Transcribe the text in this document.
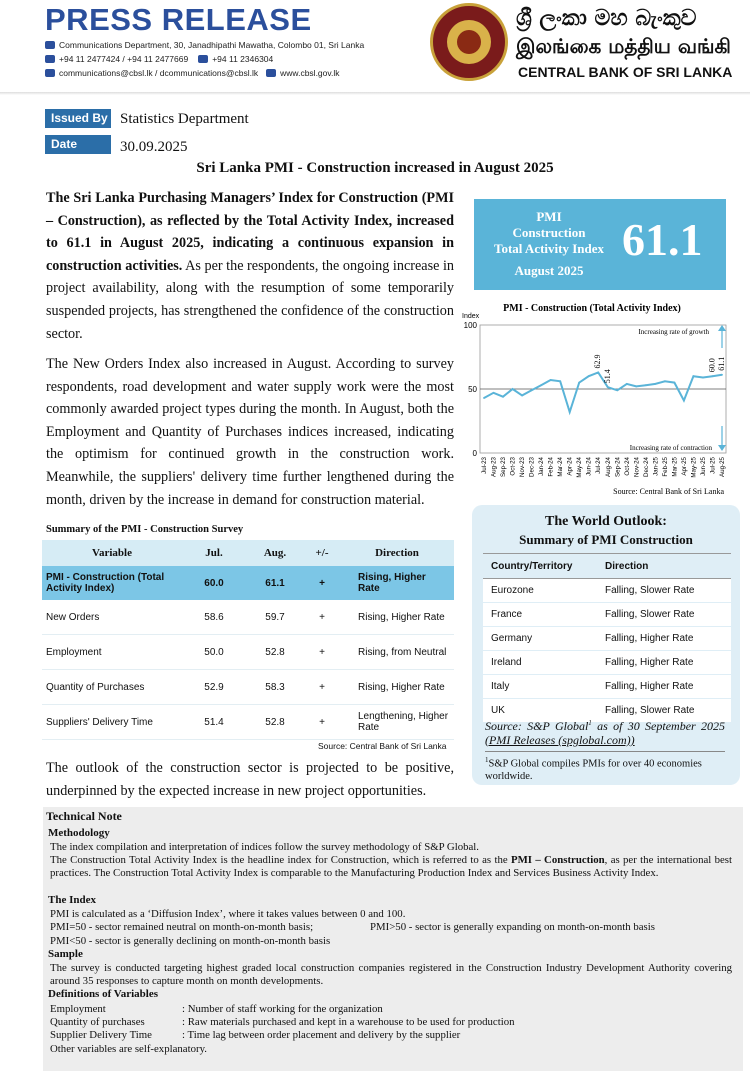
PRESS RELEASE
Communications Department, 30, Janadhipathi Mawatha, Colombo 01, Sri Lanka
+94 11 2477424 / +94 11 2477669	+94 11 2346304
communications@cbsl.lk / dcommunications@cbsl.lk	www.cbsl.gov.lk
ශ්‍රී ලංකා මහ බැංකුව
இலங்கை மத்திய வங்கி
CENTRAL BANK OF SRI LANKA
Issued By Statistics Department
Date	30.09.2025
Sri Lanka PMI - Construction increased in August 2025
The Sri Lanka Purchasing Managers’ Index for Construction (PMI – Construction), as reflected by the Total Activity Index, increased to 61.1 in August 2025, indicating a continuous expansion in construction activities. As per the respondents, the ongoing increase in project availability, along with the resumption of some temporarily suspended projects, has strengthened the confidence of the construction sector.
The New Orders Index also increased in August. According to survey respondents, road development and water supply work were the most commonly awarded project types during the month. In August, both the Employment and Quantity of Purchases indices increased, indicating the optimism for continued growth in the construction work. Meanwhile, the suppliers' delivery time further lengthened during the month, driven by the increase in demand for construction material.
PMI
Construction
Total Activity Index
August 2025
61.1
PMI - Construction (Total Activity Index)
Index
0
50
100
Increasing rate of growth
Increasing rate of contraction
62.9
51.4
60.0 61.1
Jul-23 Aug-23 Sep-23 Oct-23 Nov-23 Dec-23 Jan-24 Feb-24 Mar-24 Apr-24 May-24 Jun-24 Jul-24 Aug-24 Sep-24 Oct-24 Nov-24 Dec-24 Jan-25 Feb-25 Mar-25 Apr-25 May-25 Jun-25 Jul-25 Aug-25
Source: Central Bank of Sri Lanka
Summary of the PMI - Construction Survey
Variable	Jul.	Aug.	+/-	Direction
PMI - Construction (Total Activity Index)	60.0	61.1	+	Rising, Higher Rate
New Orders	58.6	59.7	+	Rising, Higher Rate
Employment	50.0	52.8	+	Rising, from Neutral
Quantity of Purchases	52.9	58.3	+	Rising, Higher Rate
Suppliers' Delivery Time	51.4	52.8	+	Lengthening, Higher Rate
Source: Central Bank of Sri Lanka
The World Outlook:
Summary of PMI Construction
Country/Territory	Direction
Eurozone	Falling, Slower Rate
France	Falling, Slower Rate
Germany	Falling, Higher Rate
Ireland	Falling, Higher Rate
Italy	Falling, Higher Rate
UK	Falling, Slower Rate
Source: S&P Global$^1$ as of 30 September 2025 (PMI Releases (spglobal.com))
$^1$S&P Global compiles PMIs for over 40 economies worldwide.
The outlook of the construction sector is projected to be positive, underpinned by the expected increase in new project opportunities.
Technical Note
Methodology
The index compilation and interpretation of indices follow the survey methodology of S&P Global.
The Construction Total Activity Index is the headline index for Construction, which is referred to as the PMI – Construction, as per the international best practices. The Construction Total Activity Index is comparable to the Manufacturing Production Index and Services Business Activity Index.
The Index
PMI is calculated as a ‘Diffusion Index’, where it takes values between 0 and 100.
PMI=50 - sector remained neutral on month-on-month basis;	PMI>50 - sector is generally expanding on month-on-month basis
PMI<50 - sector is generally declining on month-on-month basis
Sample
The survey is conducted targeting highest graded local construction companies registered in the Construction Industry Development Authority covering around 35 responses to capture month on month developments.
Definitions of Variables
Employment	: Number of staff working for the organization
Quantity of purchases	: Raw materials purchased and kept in a warehouse to be used for production
Supplier Delivery Time	: Time lag between order placement and delivery by the supplier
Other variables are self-explanatory.
